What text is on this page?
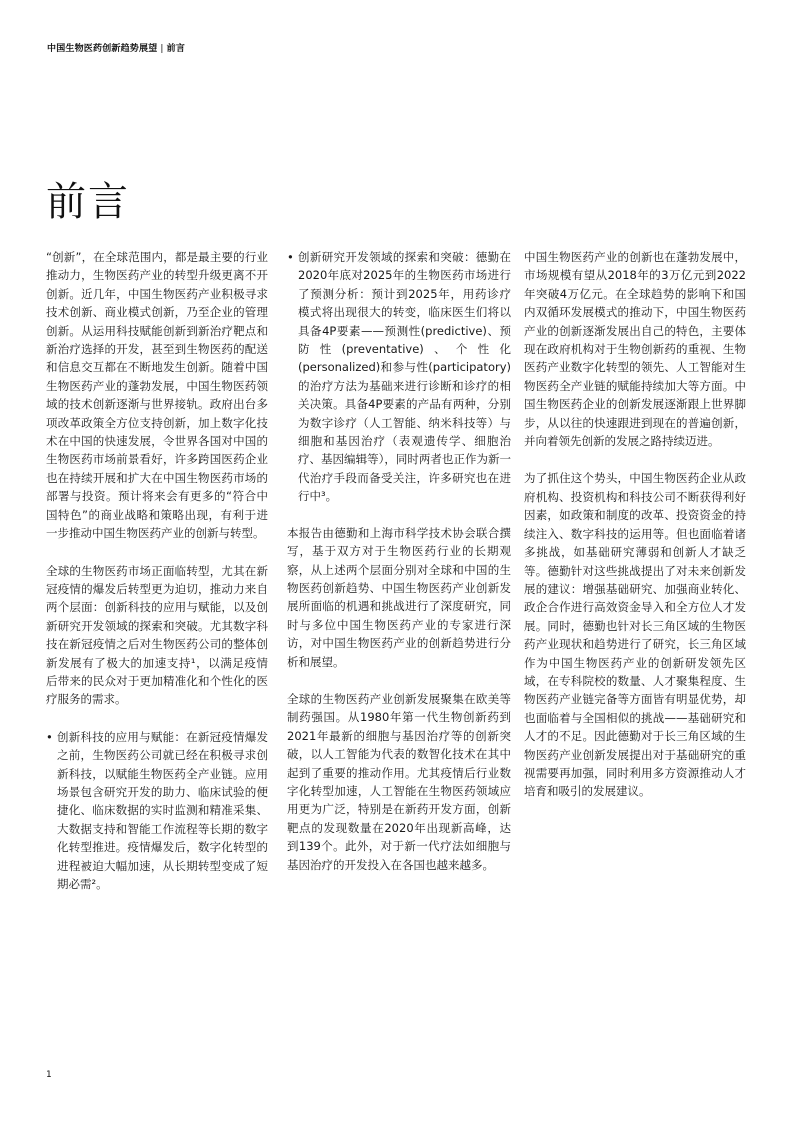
中国生物医药创新趋势展望 | 前言
前言

“创新”，在全球范围内，都是最主要的行业推动力，生物医药产业的转型升级更离不开创新。近几年，中国生物医药产业积极寻求技术创新、商业模式创新，乃至企业的管理创新。从运用科技赋能创新到新治疗靶点和新治疗选择的开发，甚至到生物医药的配送和信息交互都在不断地发生创新。随着中国生物医药产业的蓬勃发展，中国生物医药领域的技术创新逐渐与世界接轨。政府出台多项改革政策全方位支持创新，加上数字化技术在中国的快速发展，令世界各国对中国的生物医药市场前景看好，许多跨国医药企业也在持续开展和扩大在中国生物医药市场的部署与投资。预计将来会有更多的“符合中国特色”的商业战略和策略出现，有利于进一步推动中国生物医药产业的创新与转型。

全球的生物医药市场正面临转型，尤其在新冠疫情的爆发后转型更为迫切，推动力来自两个层面：创新科技的应用与赋能，以及创新研究开发领域的探索和突破。尤其数字科技在新冠疫情之后对生物医药公司的整体创新发展有了极大的加速支持¹，以满足疫情后带来的民众对于更加精准化和个性化的医疗服务的需求。

• 创新科技的应用与赋能：在新冠疫情爆发之前，生物医药公司就已经在积极寻求创新科技，以赋能生物医药全产业链。应用场景包含研究开发的助力、临床试验的便捷化、临床数据的实时监测和精准采集、大数据支持和智能工作流程等长期的数字化转型推进。疫情爆发后，数字化转型的进程被迫大幅加速，从长期转型变成了短期必需²。
• 创新研究开发领域的探索和突破：德勤在2020年底对2025年的生物医药市场进行了预测分析：预计到2025年，用药诊疗模式将出现很大的转变，临床医生们将以具备4P要素——预测性(predictive)、预防性(preventative)、个性化(personalized)和参与性(participatory)的治疗方法为基础来进行诊断和诊疗的相关决策。具备4P要素的产品有两种，分别为数字诊疗（人工智能、纳米科技等）与细胞和基因治疗（表观遗传学、细胞治疗、基因编辑等），同时两者也正作为新一代治疗手段而备受关注，许多研究也在进行中³。

本报告由德勤和上海市科学技术协会联合撰写，基于双方对于生物医药行业的长期观察，从上述两个层面分别对全球和中国的生物医药创新趋势、中国生物医药产业创新发展所面临的机遇和挑战进行了深度研究，同时与多位中国生物医药产业的专家进行深访，对中国生物医药产业的创新趋势进行分析和展望。

全球的生物医药产业创新发展聚集在欧美等制药强国。从1980年第一代生物创新药到2021年最新的细胞与基因治疗等的创新突破，以人工智能为代表的数智化技术在其中起到了重要的推动作用。尤其疫情后行业数字化转型加速，人工智能在生物医药领域应用更为广泛，特别是在新药开发方面，创新靶点的发现数量在2020年出现新高峰，达到139个。此外，对于新一代疗法如细胞与基因治疗的开发投入在各国也越来越多。

中国生物医药产业的创新也在蓬勃发展中，市场规模有望从2018年的3万亿元到2022年突破4万亿元。在全球趋势的影响下和国内双循环发展模式的推动下，中国生物医药产业的创新逐渐发展出自己的特色，主要体现在政府机构对于生物创新药的重视、生物医药产业数字化转型的领先、人工智能对生物医药全产业链的赋能持续加大等方面。中国生物医药企业的创新发展逐渐跟上世界脚步，从以往的快速跟进到现在的普遍创新，并向着领先创新的发展之路持续迈进。

为了抓住这个势头，中国生物医药企业从政府机构、投资机构和科技公司不断获得利好因素，如政策和制度的改革、投资资金的持续注入、数字科技的运用等。但也面临着诸多挑战，如基础研究薄弱和创新人才缺乏等。德勤针对这些挑战提出了对未来创新发展的建议：增强基础研究、加强商业转化、政企合作进行高效资金导入和全方位人才发展。同时，德勤也针对长三角区域的生物医药产业现状和趋势进行了研究，长三角区域作为中国生物医药产业的创新研发领先区域，在专科院校的数量、人才聚集程度、生物医药产业链完备等方面皆有明显优势，却也面临着与全国相似的挑战——基础研究和人才的不足。因此德勤对于长三角区域的生物医药产业创新发展提出对于基础研究的重视需要再加强，同时利用多方资源推动人才培育和吸引的发展建议。

1
